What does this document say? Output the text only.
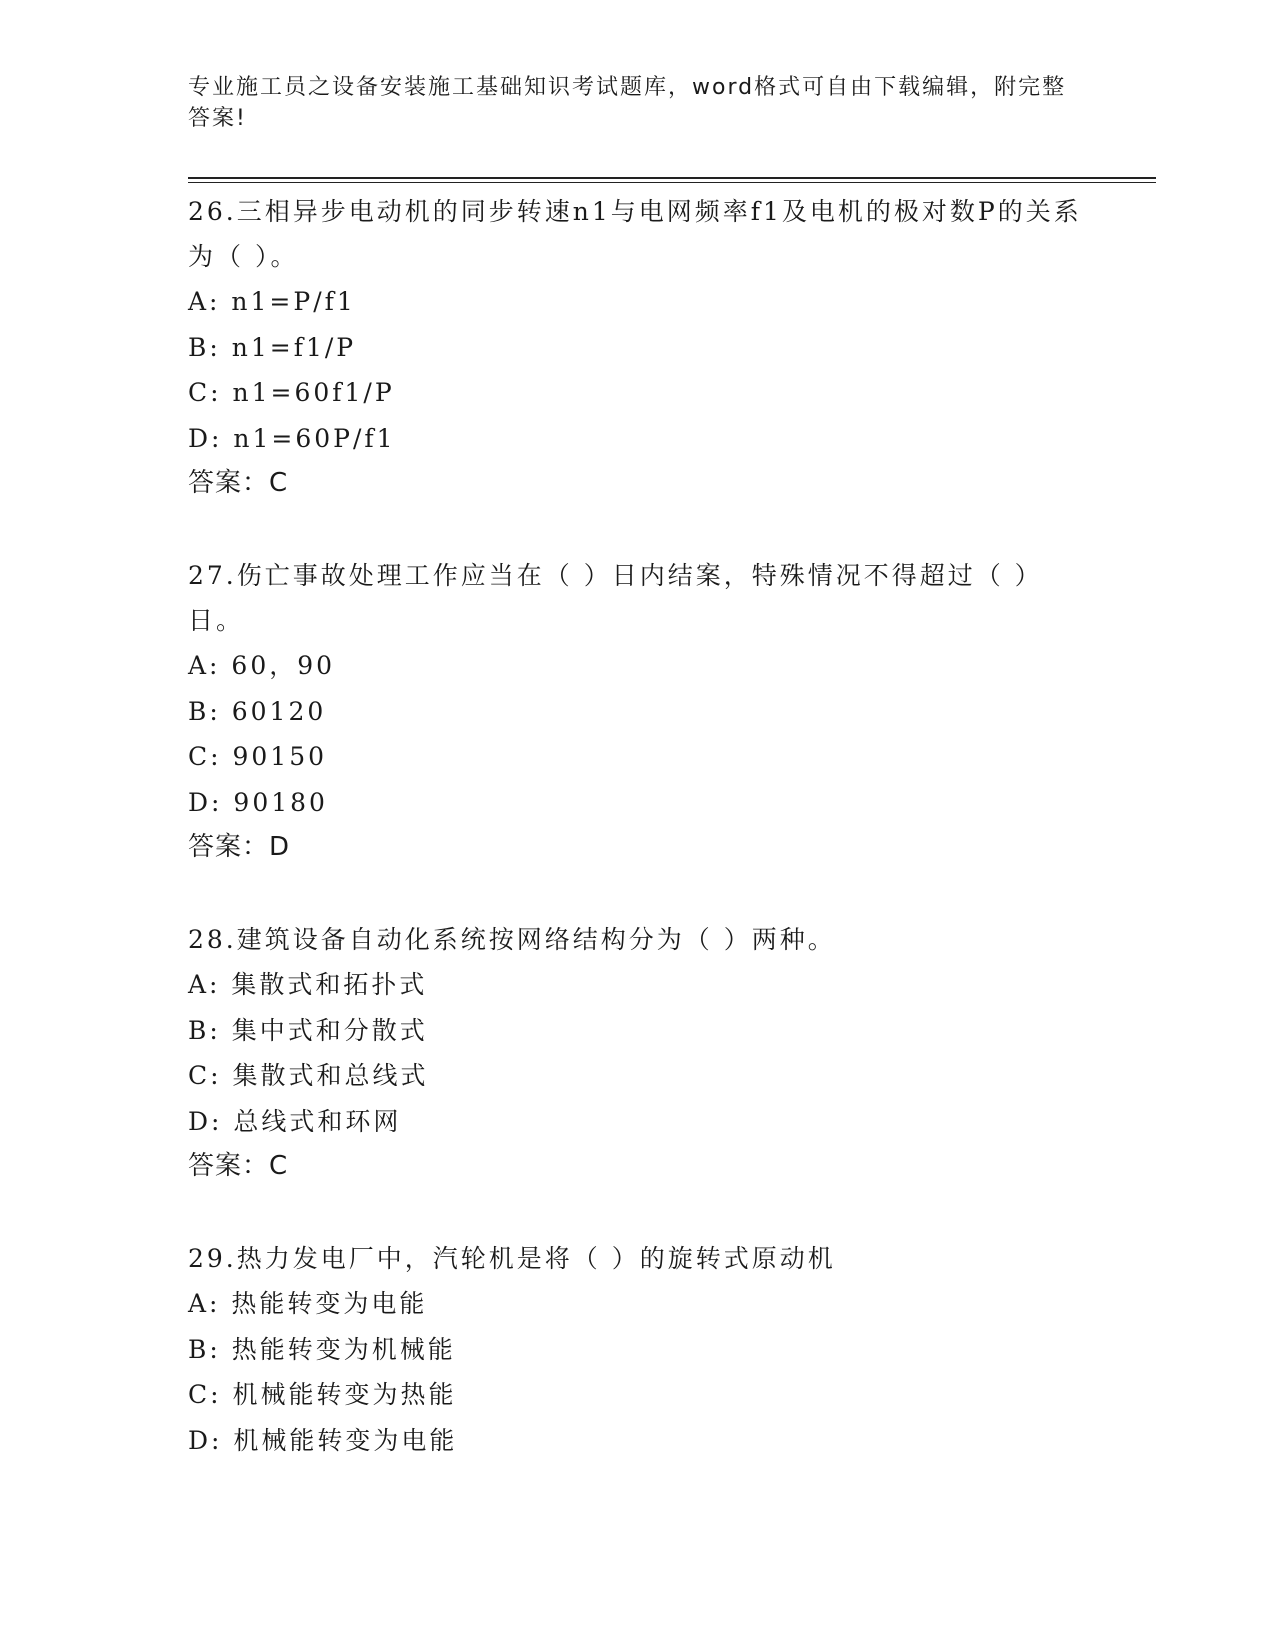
专业施工员之设备安装施工基础知识考试题库，word格式可自由下载编辑，附完整答案!

26.三相异步电动机的同步转速n1与电网频率f1及电机的极对数P的关系为（ ）。

A: n1=P/f1

B: n1=f1/P

C: n1=60f1/P

D: n1=60P/f1

答案：C

27.伤亡事故处理工作应当在（ ）日内结案，特殊情况不得超过（ ）日。

A: 60，90

B: 60120

C: 90150

D: 90180

答案：D

28.建筑设备自动化系统按网络结构分为（ ）两种。

A: 集散式和拓扑式

B: 集中式和分散式

C: 集散式和总线式

D: 总线式和环网

答案：C

29.热力发电厂中，汽轮机是将（ ）的旋转式原动机

A: 热能转变为电能

B: 热能转变为机械能

C: 机械能转变为热能

D: 机械能转变为电能
